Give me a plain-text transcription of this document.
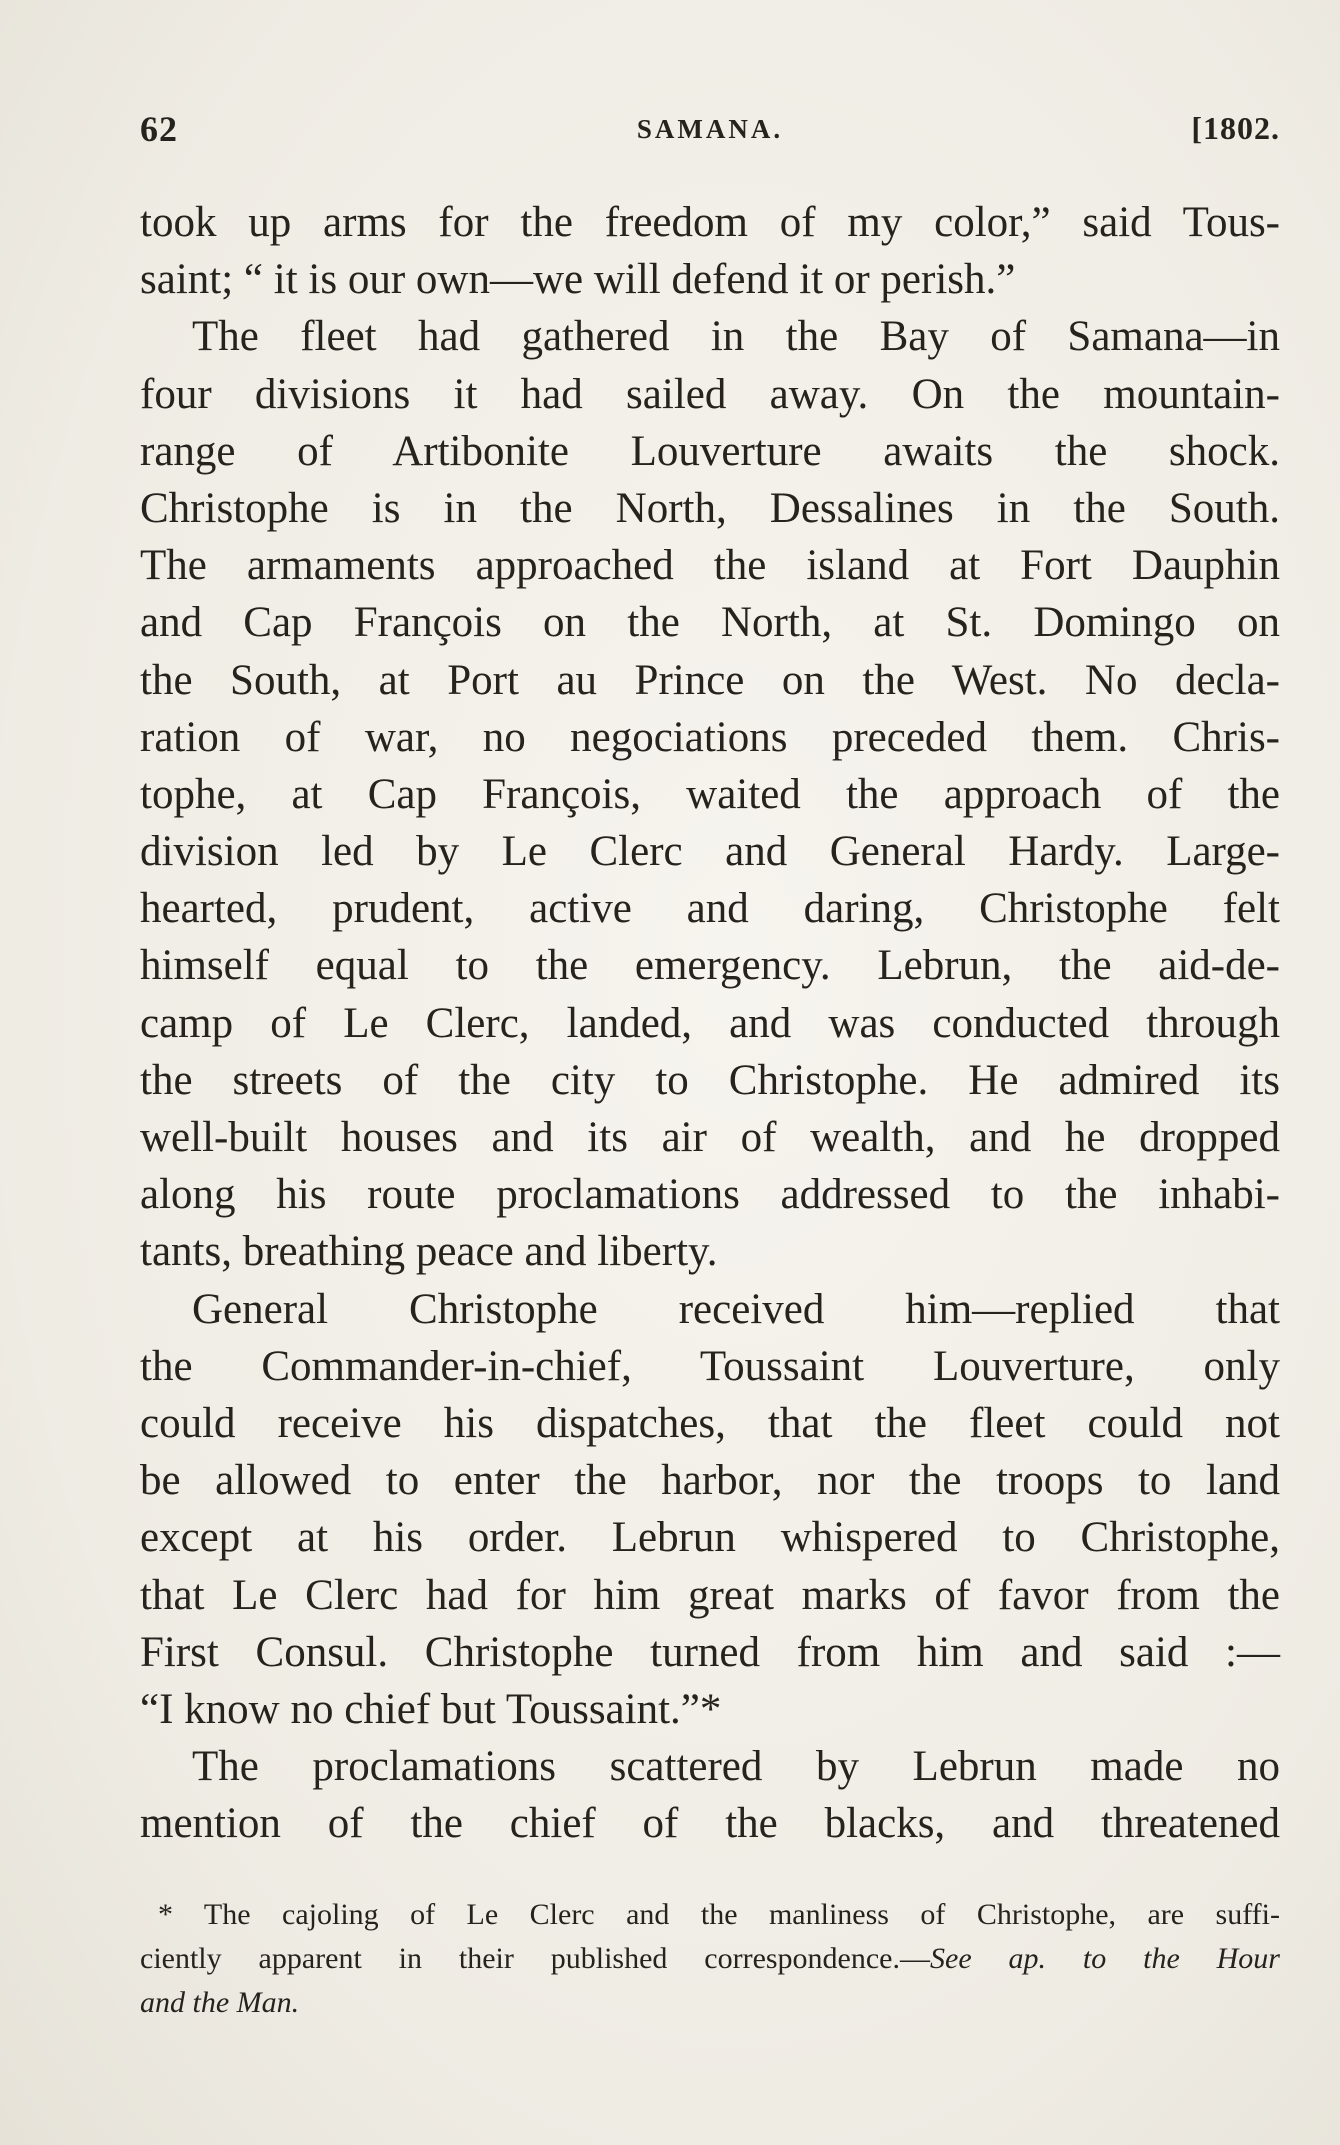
62	SAMANA.	[1802.
took up arms for the freedom of my color,” said Tous-
saint; “ it is our own—we will defend it or perish.”
The fleet had gathered in the Bay of Samana—in
four divisions it had sailed away. On the mountain-
range of Artibonite Louverture awaits the shock.
Christophe is in the North, Dessalines in the South.
The armaments approached the island at Fort Dauphin
and Cap François on the North, at St. Domingo on
the South, at Port au Prince on the West. No decla-
ration of war, no negociations preceded them. Chris-
tophe, at Cap François, waited the approach of the
division led by Le Clerc and General Hardy. Large-
hearted, prudent, active and daring, Christophe felt
himself equal to the emergency. Lebrun, the aid-de-
camp of Le Clerc, landed, and was conducted through
the streets of the city to Christophe. He admired its
well-built houses and its air of wealth, and he dropped
along his route proclamations addressed to the inhabi-
tants, breathing peace and liberty.
General Christophe received him—replied that
the Commander-in-chief, Toussaint Louverture, only
could receive his dispatches, that the fleet could not
be allowed to enter the harbor, nor the troops to land
except at his order. Lebrun whispered to Christophe,
that Le Clerc had for him great marks of favor from the
First Consul. Christophe turned from him and said :—
“I know no chief but Toussaint.”*
The proclamations scattered by Lebrun made no
mention of the chief of the blacks, and threatened
* The cajoling of Le Clerc and the manliness of Christophe, are suffi-
ciently apparent in their published correspondence.—See ap. to the Hour
and the Man.
